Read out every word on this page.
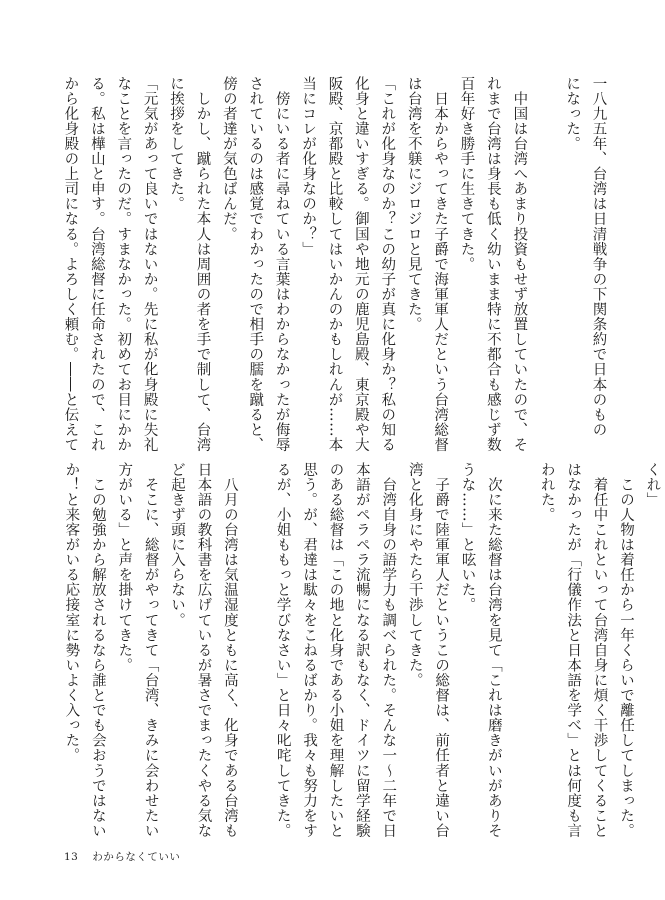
一八九五年、台湾は日清戦争の下関条約で日本のもの

になった。

　中国は台湾へあまり投資もせず放置していたので、そ

れまで台湾は身長も低く幼いまま特に不都合も感じず数

百年好き勝手に生きてきた。

　日本からやってきた子爵で海軍軍人だという台湾総督

は台湾を不躾にジロジロと見てきた。

「これが化身なのか？この幼子が真に化身か？私の知る

化身と違いすぎる。御国や地元の鹿児島殿、東京殿や大

阪殿、京都殿と比較してはいかんのかもしれんが……本

当にコレが化身なのか？」

　傍にいる者に尋ねている言葉はわからなかったが侮辱

されているのは感覚でわかったので相手の臑を蹴ると、

傍の者達が気色ばんだ。

　しかし、蹴られた本人は周囲の者を手で制して、台湾

に挨拶をしてきた。

「元気があって良いではないか。先に私が化身殿に失礼

なことを言ったのだ。すまなかった。初めてお目にかか

る。私は樺山と申す。台湾総督に任命されたので、これ

から化身殿の上司になる。よろしく頼む。――と伝えて

くれ」

　この人物は着任から一年くらいで離任してしまった。

　着任中これといって台湾自身に煩く干渉してくること

はなかったが「行儀作法と日本語を学べ」とは何度も言

われた。

　次に来た総督は台湾を見て「これは磨きがいがありそ

うな……」と呟いた。

　子爵で陸軍軍人だというこの総督は、前任者と違い台

湾と化身にやたら干渉してきた。

　台湾自身の語学力も調べられた。そんな一～二年で日

本語がペラペラ流暢になる訳もなく、ドイツに留学経験

のある総督は「この地と化身である小姐を理解したいと

思う。が、君達は駄々をこねるばかり。我々も努力をす

るが、小姐ももっと学びなさい」と日々叱咤してきた。

　八月の台湾は気温湿度ともに高く、化身である台湾も

日本語の教科書を広げているが暑さでまったくやる気な

ど起きず頭に入らない。

　そこに、総督がやってきて「台湾、きみに会わせたい

方がいる」と声を掛けてきた。

　この勉強から解放されるなら誰とでも会おうではない

か！と来客がいる応接室に勢いよく入った。

13 わからなくていい
